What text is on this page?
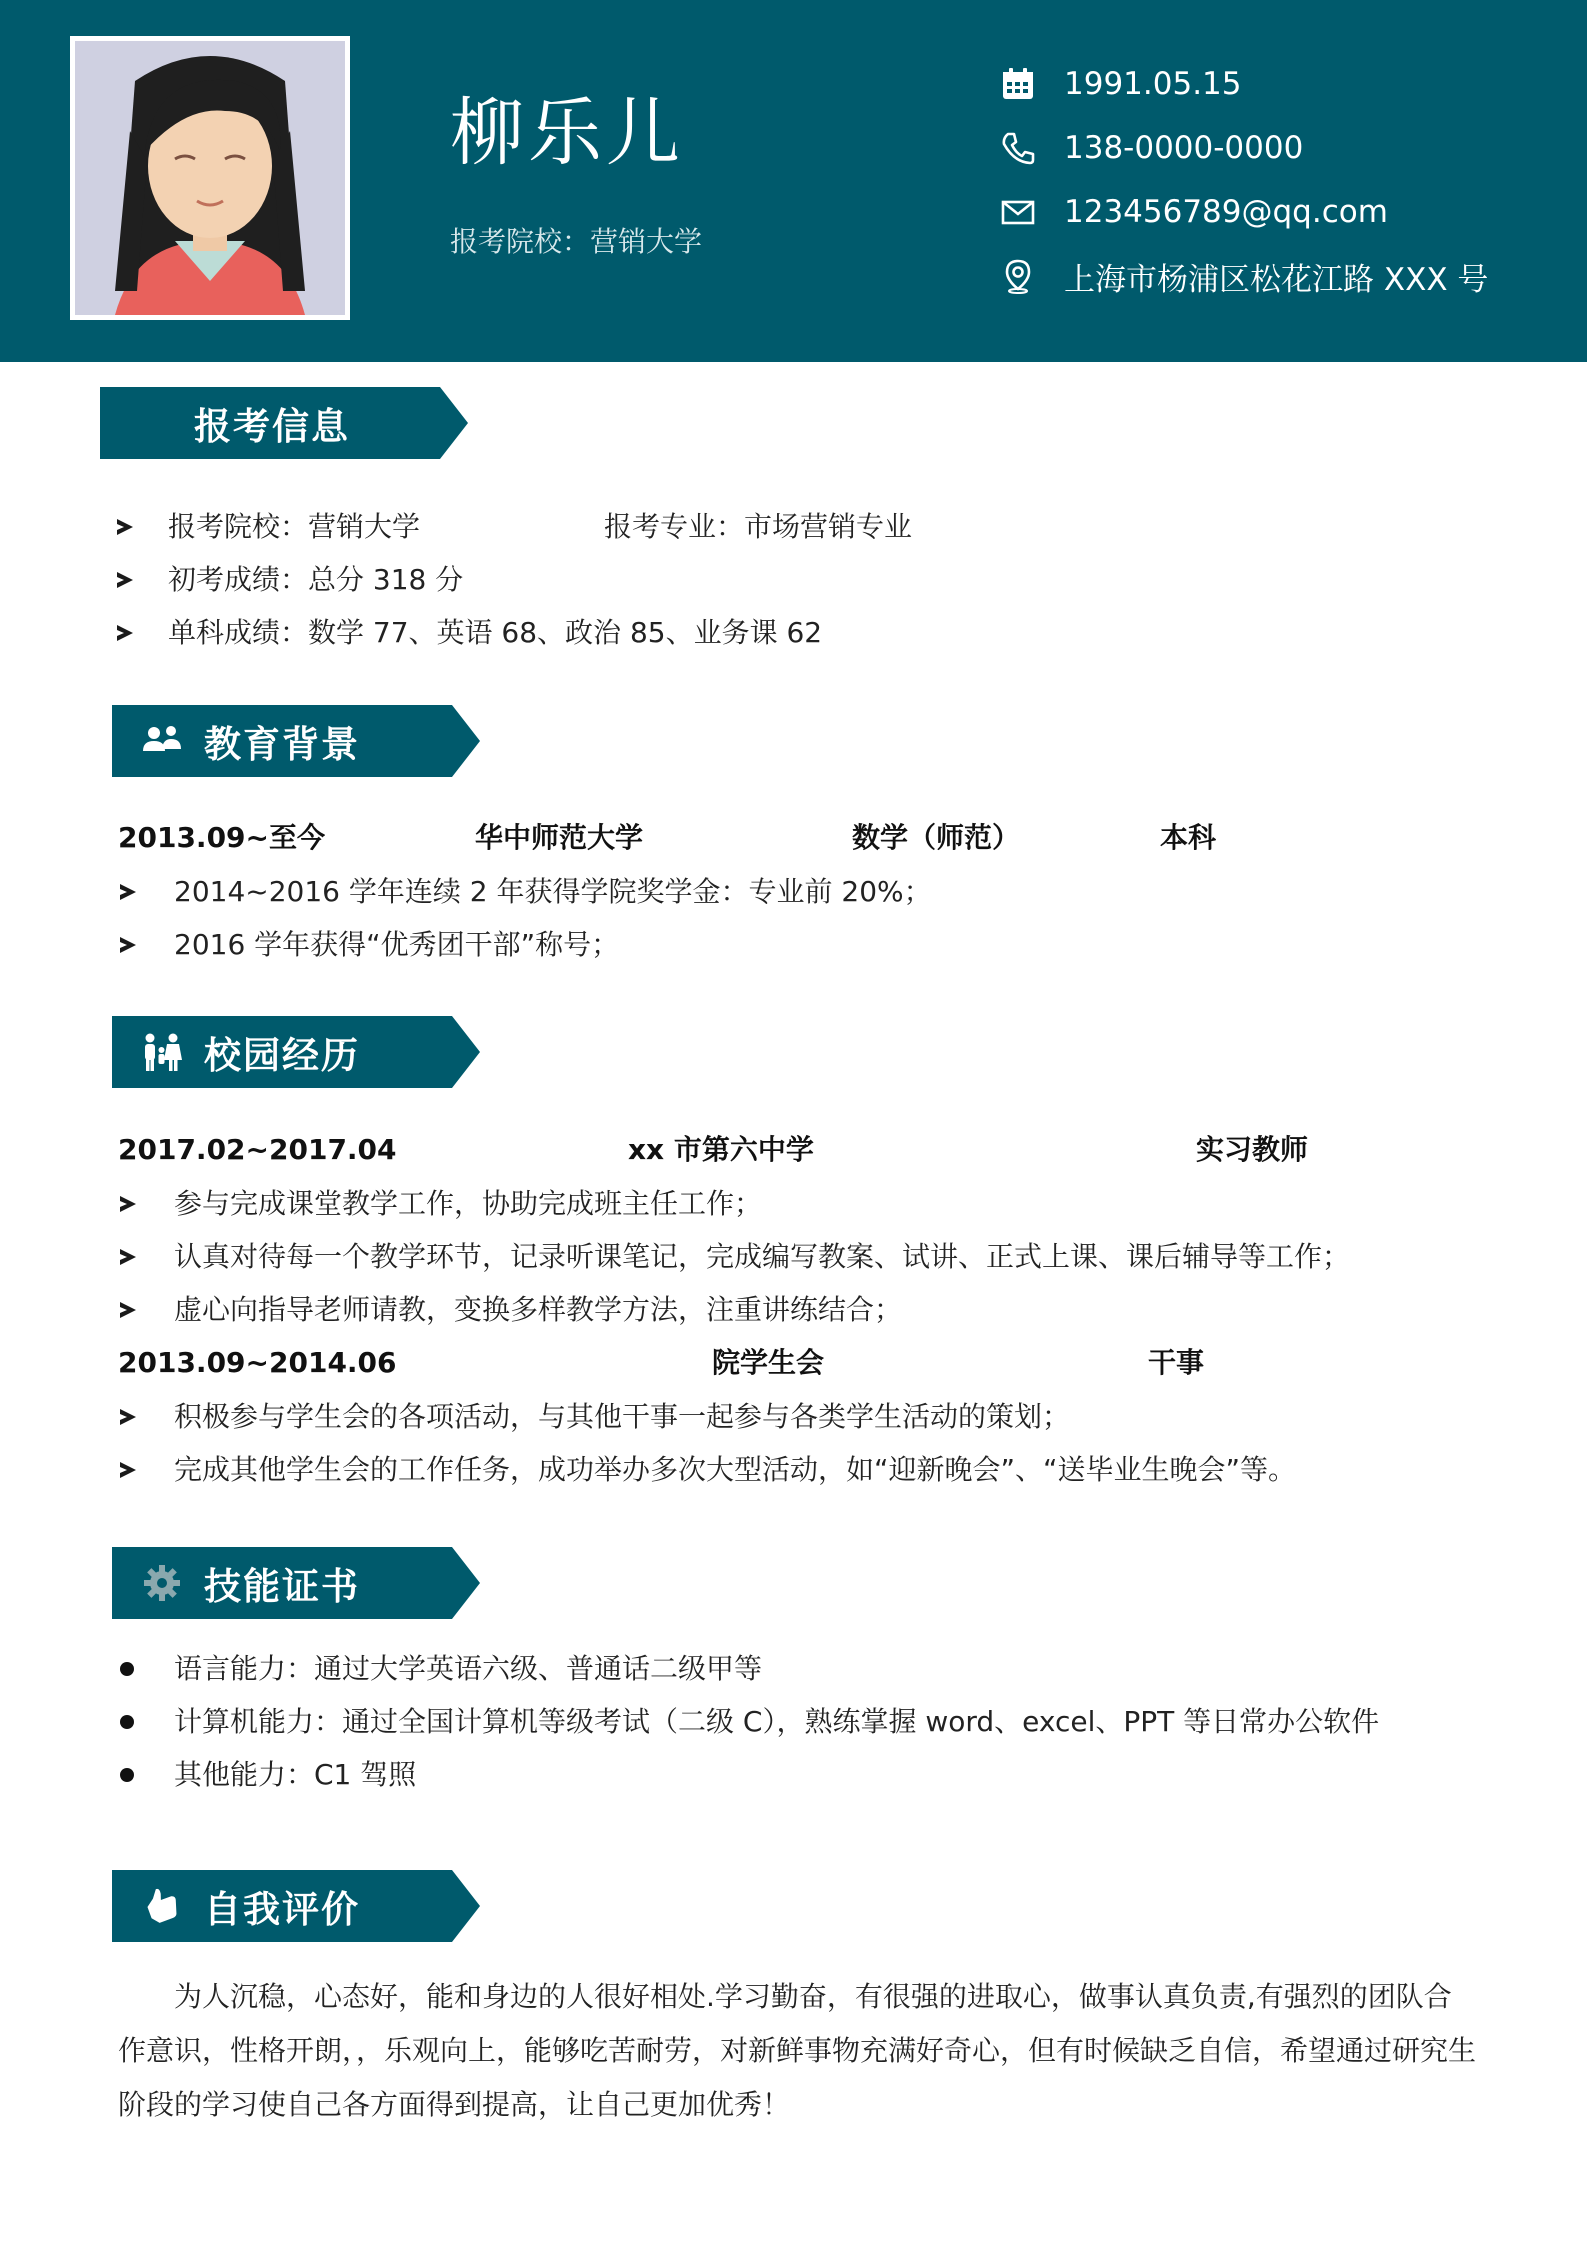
柳乐儿
报考院校：营销大学
1991.05.15
138-0000-0000
123456789@qq.com
上海市杨浦区松花江路 XXX 号
报考信息
报考院校：营销大学	报考专业：市场营销专业
初考成绩：总分 318 分
单科成绩：数学 77、英语 68、政治 85、业务课 62
教育背景
2013.09~至今	华中师范大学	数学（师范）	本科
2014~2016 学年连续 2 年获得学院奖学金：专业前 20%；
2016 学年获得“优秀团干部”称号；
校园经历
2017.02~2017.04	xx 市第六中学	实习教师
参与完成课堂教学工作，协助完成班主任工作；
认真对待每一个教学环节，记录听课笔记，完成编写教案、试讲、正式上课、课后辅导等工作；
虚心向指导老师请教，变换多样教学方法，注重讲练结合；
2013.09~2014.06	院学生会	干事
积极参与学生会的各项活动，与其他干事一起参与各类学生活动的策划；
完成其他学生会的工作任务，成功举办多次大型活动，如“迎新晚会”、“送毕业生晚会”等。
技能证书
语言能力：通过大学英语六级、普通话二级甲等
计算机能力：通过全国计算机等级考试（二级 C），熟练掌握 word、excel、PPT 等日常办公软件
其他能力：C1 驾照
自我评价
为人沉稳，心态好，能和身边的人很好相处.学习勤奋，有很强的进取心，做事认真负责,有强烈的团队合作意识，性格开朗，，乐观向上，能够吃苦耐劳，对新鲜事物充满好奇心，但有时候缺乏自信，希望通过研究生阶段的学习使自己各方面得到提高，让自己更加优秀！
